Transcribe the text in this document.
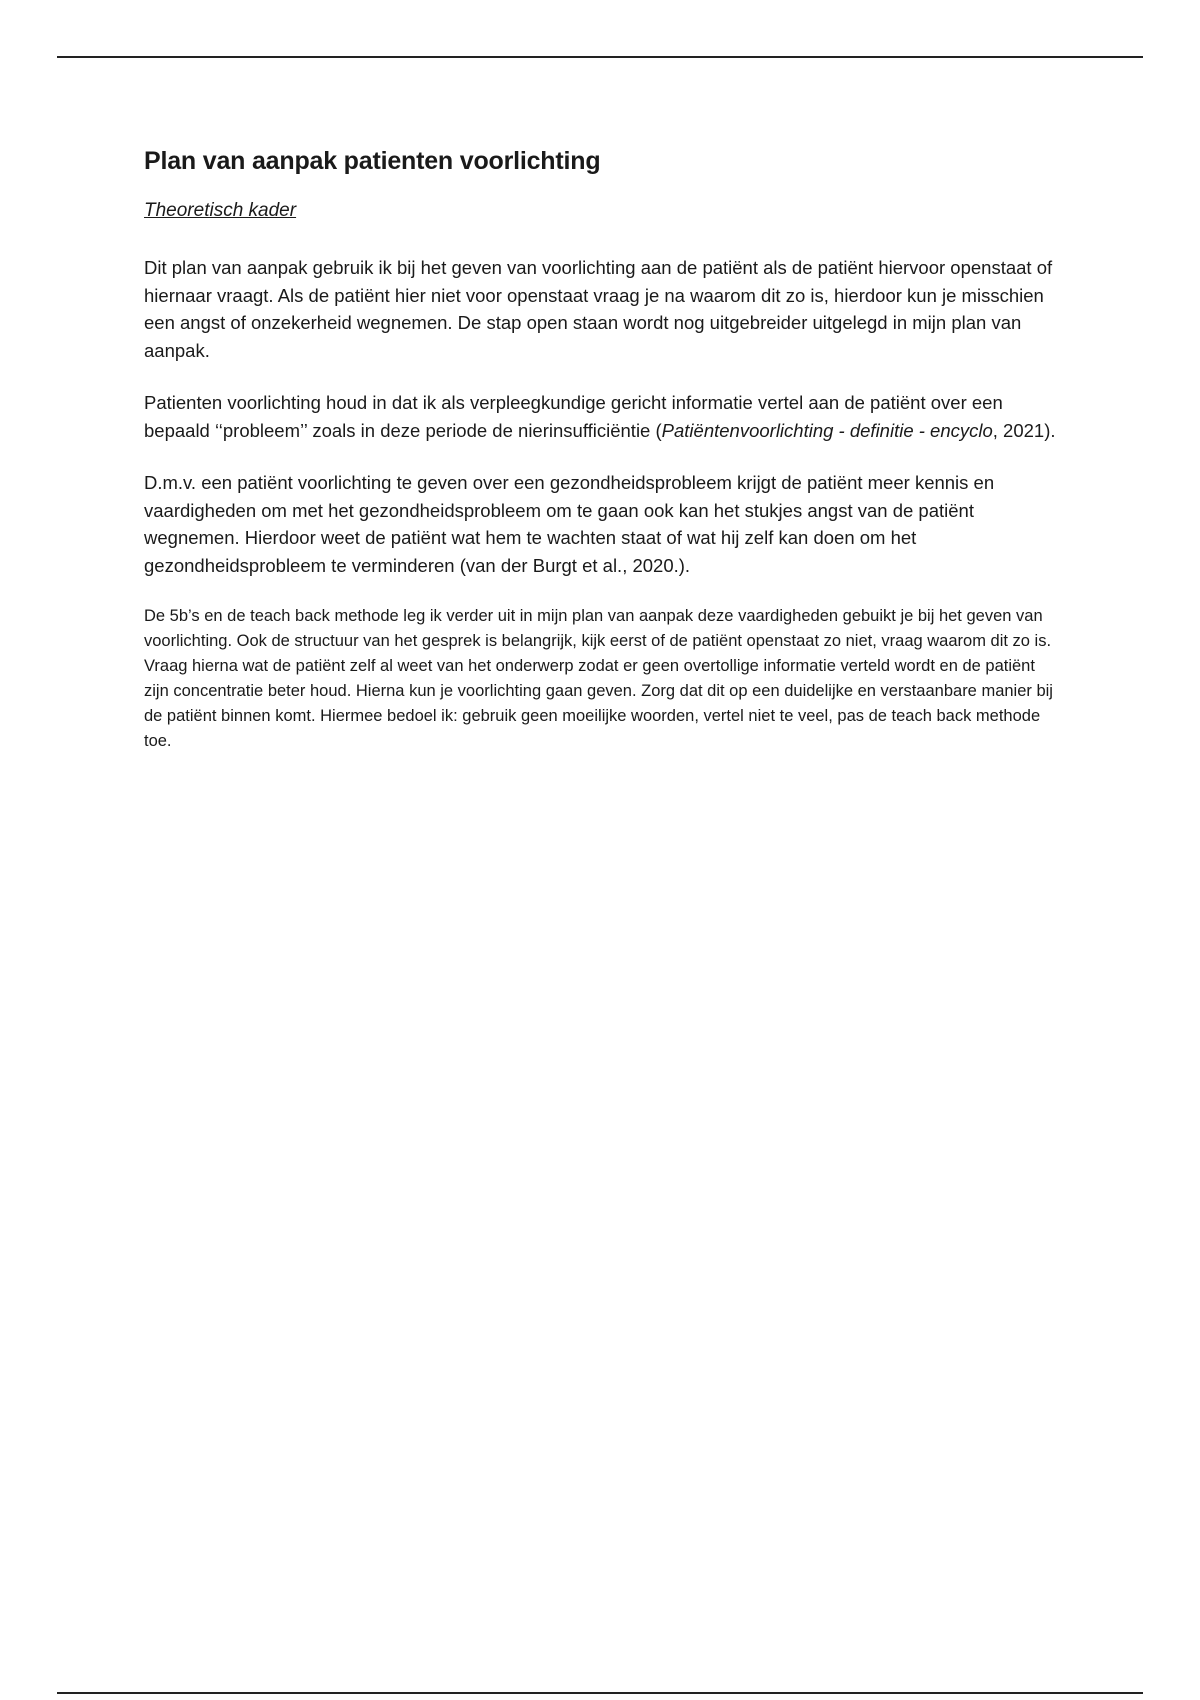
Plan van aanpak patienten voorlichting
Theoretisch kader

Dit plan van aanpak gebruik ik bij het geven van voorlichting aan de patiënt als de patiënt hiervoor openstaat of hiernaar vraagt. Als de patiënt hier niet voor openstaat vraag je na waarom dit zo is, hierdoor kun je misschien een angst of onzekerheid wegnemen. De stap open staan wordt nog uitgebreider uitgelegd in mijn plan van aanpak.

Patienten voorlichting houd in dat ik als verpleegkundige gericht informatie vertel aan de patiënt over een bepaald ‘‘probleem’’ zoals in deze periode de nierinsufficiëntie (Patiëntenvoorlichting - definitie - encyclo, 2021).

D.m.v. een patiënt voorlichting te geven over een gezondheidsprobleem krijgt de patiënt meer kennis en vaardigheden om met het gezondheidsprobleem om te gaan ook kan het stukjes angst van de patiënt wegnemen. Hierdoor weet de patiënt wat hem te wachten staat of wat hij zelf kan doen om het gezondheidsprobleem te verminderen (van der Burgt et al., 2020.).

De 5b’s en de teach back methode leg ik verder uit in mijn plan van aanpak deze vaardigheden gebuikt je bij het geven van voorlichting. Ook de structuur van het gesprek is belangrijk, kijk eerst of de patiënt openstaat zo niet, vraag waarom dit zo is. Vraag hierna wat de patiënt zelf al weet van het onderwerp zodat er geen overtollige informatie verteld wordt en de patiënt zijn concentratie beter houd. Hierna kun je voorlichting gaan geven. Zorg dat dit op een duidelijke en verstaanbare manier bij de patiënt binnen komt. Hiermee bedoel ik: gebruik geen moeilijke woorden, vertel niet te veel, pas de teach back methode toe.
